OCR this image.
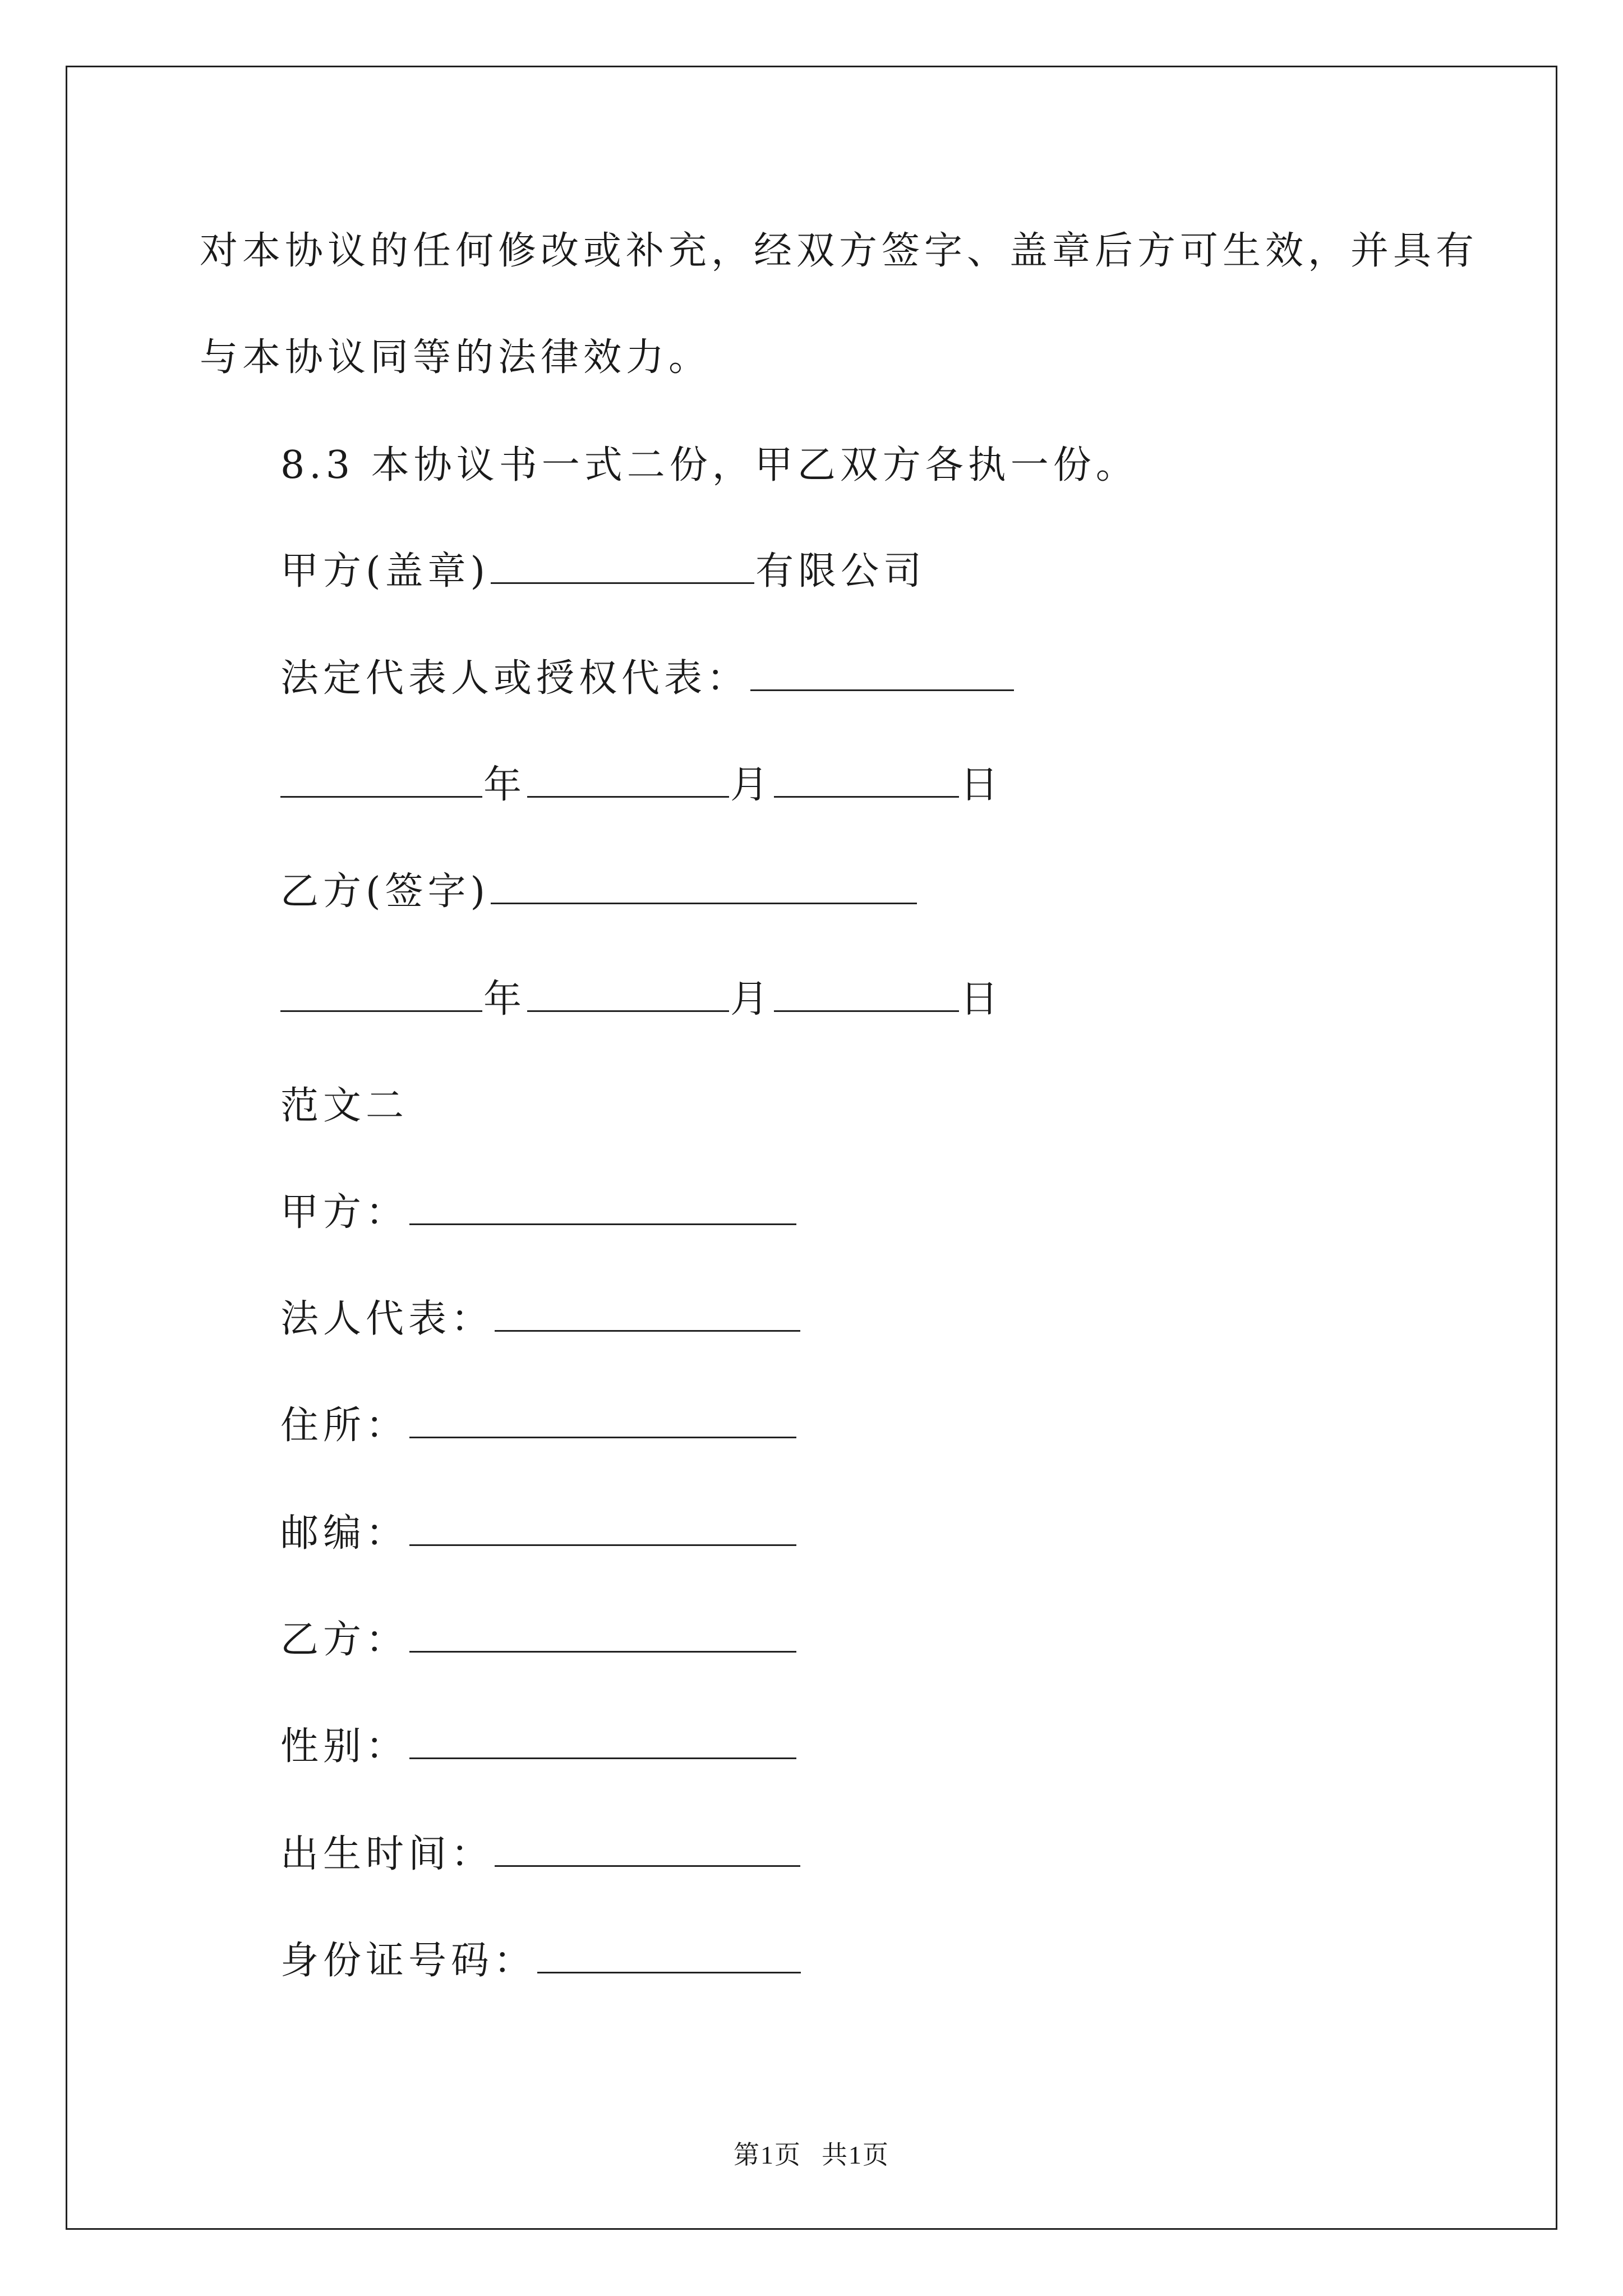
对本协议的任何修改或补充，经双方签字、盖章后方可生效，并具有
与本协议同等的法律效力。
8.3 本协议书一式二份，甲乙双方各执一份。
甲方(盖章)	有限公司
法定代表人或授权代表：
年	月	日
乙方(签字)
年	月	日
范文二
甲方：
法人代表：
住所：
邮编：
乙方：
性别：
出生时间：
身份证号码：
第1页 共1页
